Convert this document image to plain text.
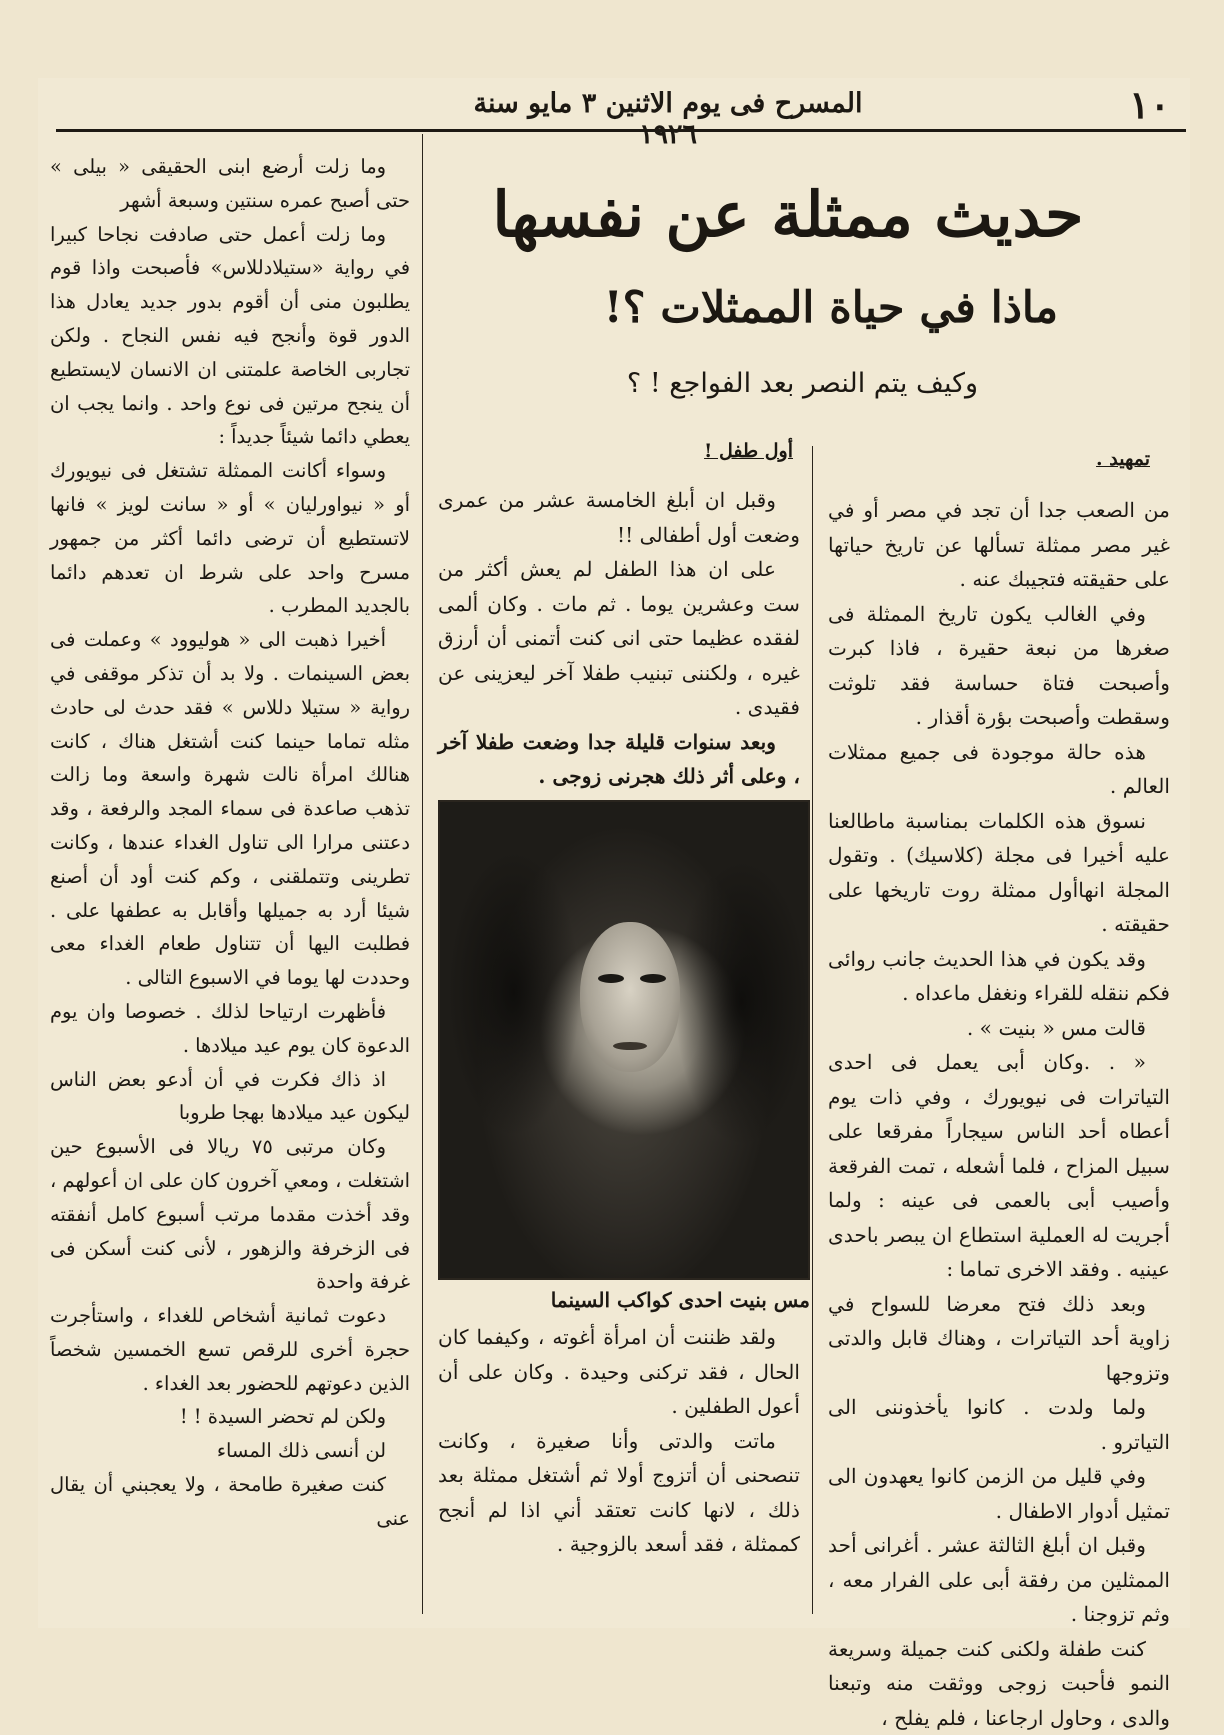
١٠
المسرح فى يوم الاثنين ٣ مايو سنة ١٩٢٦
حديث ممثلة عن نفسها
ماذا في حياة الممثلات ؟!
وكيف يتم النصر بعد الفواجع ! ؟
أول طفل !	تمهيد .

من الصعب جدا أن تجد في مصر أو في غير مصر ممثلة تسألها عن تاريخ حياتها على حقيقته فتجيبك عنه .

وفي الغالب يكون تاريخ الممثلة فى صغرها من نبعة حقيرة ، فاذا كبرت وأصبحت فتاة حساسة فقد تلوثت وسقطت وأصبحت بؤرة أقذار .

هذه حالة موجودة فى جميع ممثلات العالم .

نسوق هذه الكلمات بمناسبة ماطالعنا عليه أخيرا فى مجلة (كلاسيك) . وتقول المجلة انهاأول ممثلة روت تاريخها على حقيقته .

وقد يكون في هذا الحديث جانب روائى فكم ننقله للقراء ونغفل ماعداه .

قالت مس « بنيت » .

« . .وكان أبى يعمل فى احدى التياترات فى نيويورك ، وفي ذات يوم أعطاه أحد الناس سيجاراً مفرقعا على سبيل المزاح ، فلما أشعله ، تمت الفرقعة وأصيب أبى بالعمى فى عينه : ولما أجريت له العملية استطاع ان يبصر باحدى عينيه . وفقد الاخرى تماما :

وبعد ذلك فتح معرضا للسواح في زاوية أحد التياترات ، وهناك قابل والدتى وتزوجها

ولما ولدت . كانوا يأخذوننى الى التياترو .

وفي قليل من الزمن كانوا يعهدون الى تمثيل أدوار الاطفال .

وقبل ان أبلغ الثالثة عشر . أغرانى أحد الممثلين من رفقة أبى على الفرار معه ، وثم تزوجنا .

كنت طفلة ولكنى كنت جميلة وسريعة النمو فأحبت زوجى ووثقت منه وتبعنا والدى ، وحاول ارجاعنا ، فلم يفلح ،

وقبل ان أبلغ الخامسة عشر من عمرى وضعت أول أطفالى !!

على ان هذا الطفل لم يعش أكثر من ست وعشرين يوما . ثم مات . وكان ألمى لفقده عظيما حتى انى كنت أتمنى أن أرزق غيره ، ولكننى تبنيب طفلا آخر ليعزينى عن فقيدى .

وبعد سنوات قليلة جدا وضعت طفلا آخر ، وعلى أثر ذلك هجرنى زوجى .

مس بنيت احدى كواكب السينما

ولقد ظننت أن امرأة أغوته ، وكيفما كان الحال ، فقد تركنى وحيدة . وكان على أن أعول الطفلين .

ماتت والدتى وأنا صغيرة ، وكانت تنصحنى أن أتزوج أولا ثم أشتغل ممثلة بعد ذلك ، لانها كانت تعتقد أني اذا لم أنجح كممثلة ، فقد أسعد بالزوجية .

وما زلت أرضع ابنى الحقيقى « بيلى » حتى أصبح عمره سنتين وسبعة أشهر

وما زلت أعمل حتى صادفت نجاحا كبيرا في رواية «ستيلادللاس» فأصبحت واذا قوم يطلبون منى أن أقوم بدور جديد يعادل هذا الدور قوة وأنجح فيه نفس النجاح . ولكن تجاربى الخاصة علمتنى ان الانسان لايستطيع أن ينجح مرتين فى نوع واحد . وانما يجب ان يعطي دائما شيئاً جديداً :

وسواء أكانت الممثلة تشتغل فى نيويورك أو « نيواورليان » أو « سانت لويز » فانها لاتستطيع أن ترضى دائما أكثر من جمهور مسرح واحد على شرط ان تعدهم دائما بالجديد المطرب .

أخيرا ذهبت الى « هوليوود » وعملت فى بعض السينمات . ولا بد أن تذكر موقفى في رواية « ستيلا دللاس » فقد حدث لى حادث مثله تماما حينما كنت أشتغل هناك ، كانت هنالك امرأة نالت شهرة واسعة وما زالت تذهب صاعدة فى سماء المجد والرفعة ، وقد دعتنى مرارا الى تناول الغداء عندها ، وكانت تطرينى وتتملقنى ، وكم كنت أود أن أصنع شيئا أرد به جميلها وأقابل به عطفها على . فطلبت اليها أن تتناول طعام الغداء معى وحددت لها يوما في الاسبوع التالى .

فأظهرت ارتياحا لذلك . خصوصا وان يوم الدعوة كان يوم عيد ميلادها .

اذ ذاك فكرت في أن أدعو بعض الناس ليكون عيد ميلادها بهجا طروبا

وكان مرتبى ٧٥ ريالا فى الأسبوع حين اشتغلت ، ومعي آخرون كان على ان أعولهم ، وقد أخذت مقدما مرتب أسبوع كامل أنفقته فى الزخرفة والزهور ، لأنى كنت أسكن فى غرفة واحدة

دعوت ثمانية أشخاص للغداء ، واستأجرت حجرة أخرى للرقص تسع الخمسين شخصاً الذين دعوتهم للحضور بعد الغداء .

ولكن لم تحضر السيدة ! !

لن أنسى ذلك المساء

كنت صغيرة طامحة ، ولا يعجبني أن يقال عنى
